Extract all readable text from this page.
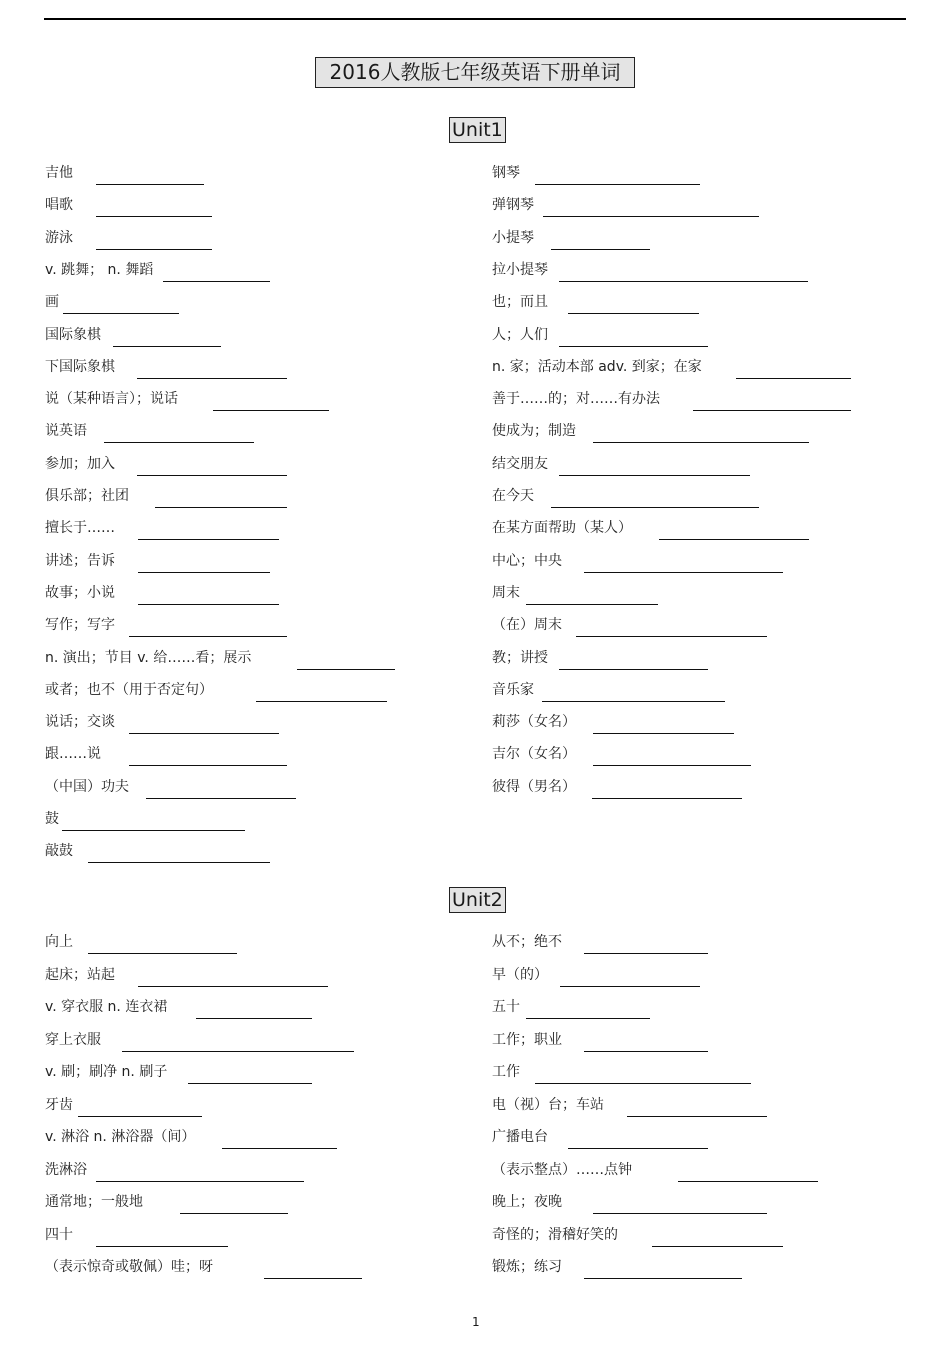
2016人教版七年级英语下册单词
Unit1
Unit2
吉他
唱歌
游泳
v. 跳舞； n. 舞蹈
画
国际象棋
下国际象棋
说（某种语言）；说话
说英语
参加；加入
俱乐部；社团
擅长于……
讲述；告诉
故事；小说
写作；写字
n. 演出；节目 v. 给……看；展示
或者；也不（用于否定句）
说话；交谈
跟……说
（中国）功夫
鼓
敲鼓
钢琴
弹钢琴
小提琴
拉小提琴
也；而且
人；人们
n. 家；活动本部 adv. 到家；在家
善于……的；对……有办法
使成为；制造
结交朋友
在今天
在某方面帮助（某人）
中心；中央
周末
（在）周末
教；讲授
音乐家
莉莎（女名）
吉尔（女名）
彼得（男名）
向上
起床；站起
v. 穿衣服 n. 连衣裙
穿上衣服
v. 刷；刷净 n. 刷子
牙齿
v. 淋浴 n. 淋浴器（间）
洗淋浴
通常地；一般地
四十
（表示惊奇或敬佩）哇；呀
从不；绝不
早（的）
五十
工作；职业
工作
电（视）台；车站
广播电台
（表示整点）……点钟
晚上；夜晚
奇怪的；滑稽好笑的
锻炼；练习
1
